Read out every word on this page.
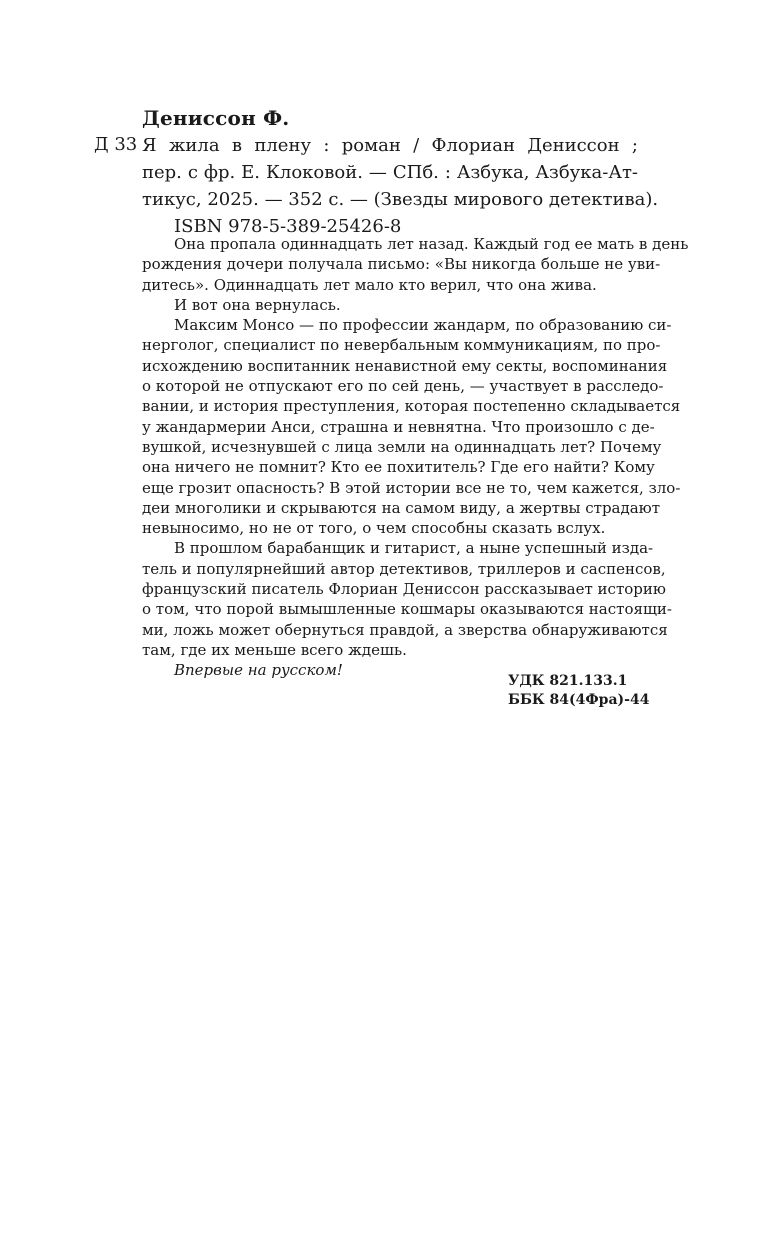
Дениссон Ф.
Д 33 Я жила в плену : роман / Флориан Дениссон ;
пер. с фр. Е. Клоковой. — СПб. : Азбука, Азбука-Ат-
тикус, 2025. — 352 с. — (Звезды мирового детектива).
ISBN 978-5-389-25426-8
Она пропала одиннадцать лет назад. Каждый год ее мать в день
рождения дочери получала письмо: «Вы никогда больше не уви-
дитесь». Одиннадцать лет мало кто верил, что она жива.
И вот она вернулась.
Максим Монсо — по профессии жандарм, по образованию си-
нерголог, специалист по невербальным коммуникациям, по про-
исхождению воспитанник ненавистной ему секты, воспоминания
о которой не отпускают его по сей день, — участвует в расследо-
вании, и история преступления, которая постепенно складывается
у жандармерии Анси, страшна и невнятна. Что произошло с де-
вушкой, исчезнувшей с лица земли на одиннадцать лет? Почему
она ничего не помнит? Кто ее похититель? Где его найти? Кому
еще грозит опасность? В этой истории все не то, чем кажется, зло-
деи многолики и скрываются на самом виду, а жертвы страдают
невыносимо, но не от того, о чем способны сказать вслух.
В прошлом барабанщик и гитарист, а ныне успешный изда-
тель и популярнейший автор детективов, триллеров и саспенсов,
французский писатель Флориан Дениссон рассказывает историю
о том, что порой вымышленные кошмары оказываются настоящи-
ми, ложь может обернуться правдой, а зверства обнаруживаются
там, где их меньше всего ждешь.
Впервые на русском!
УДК 821.133.1
ББК 84(4Фра)-44
